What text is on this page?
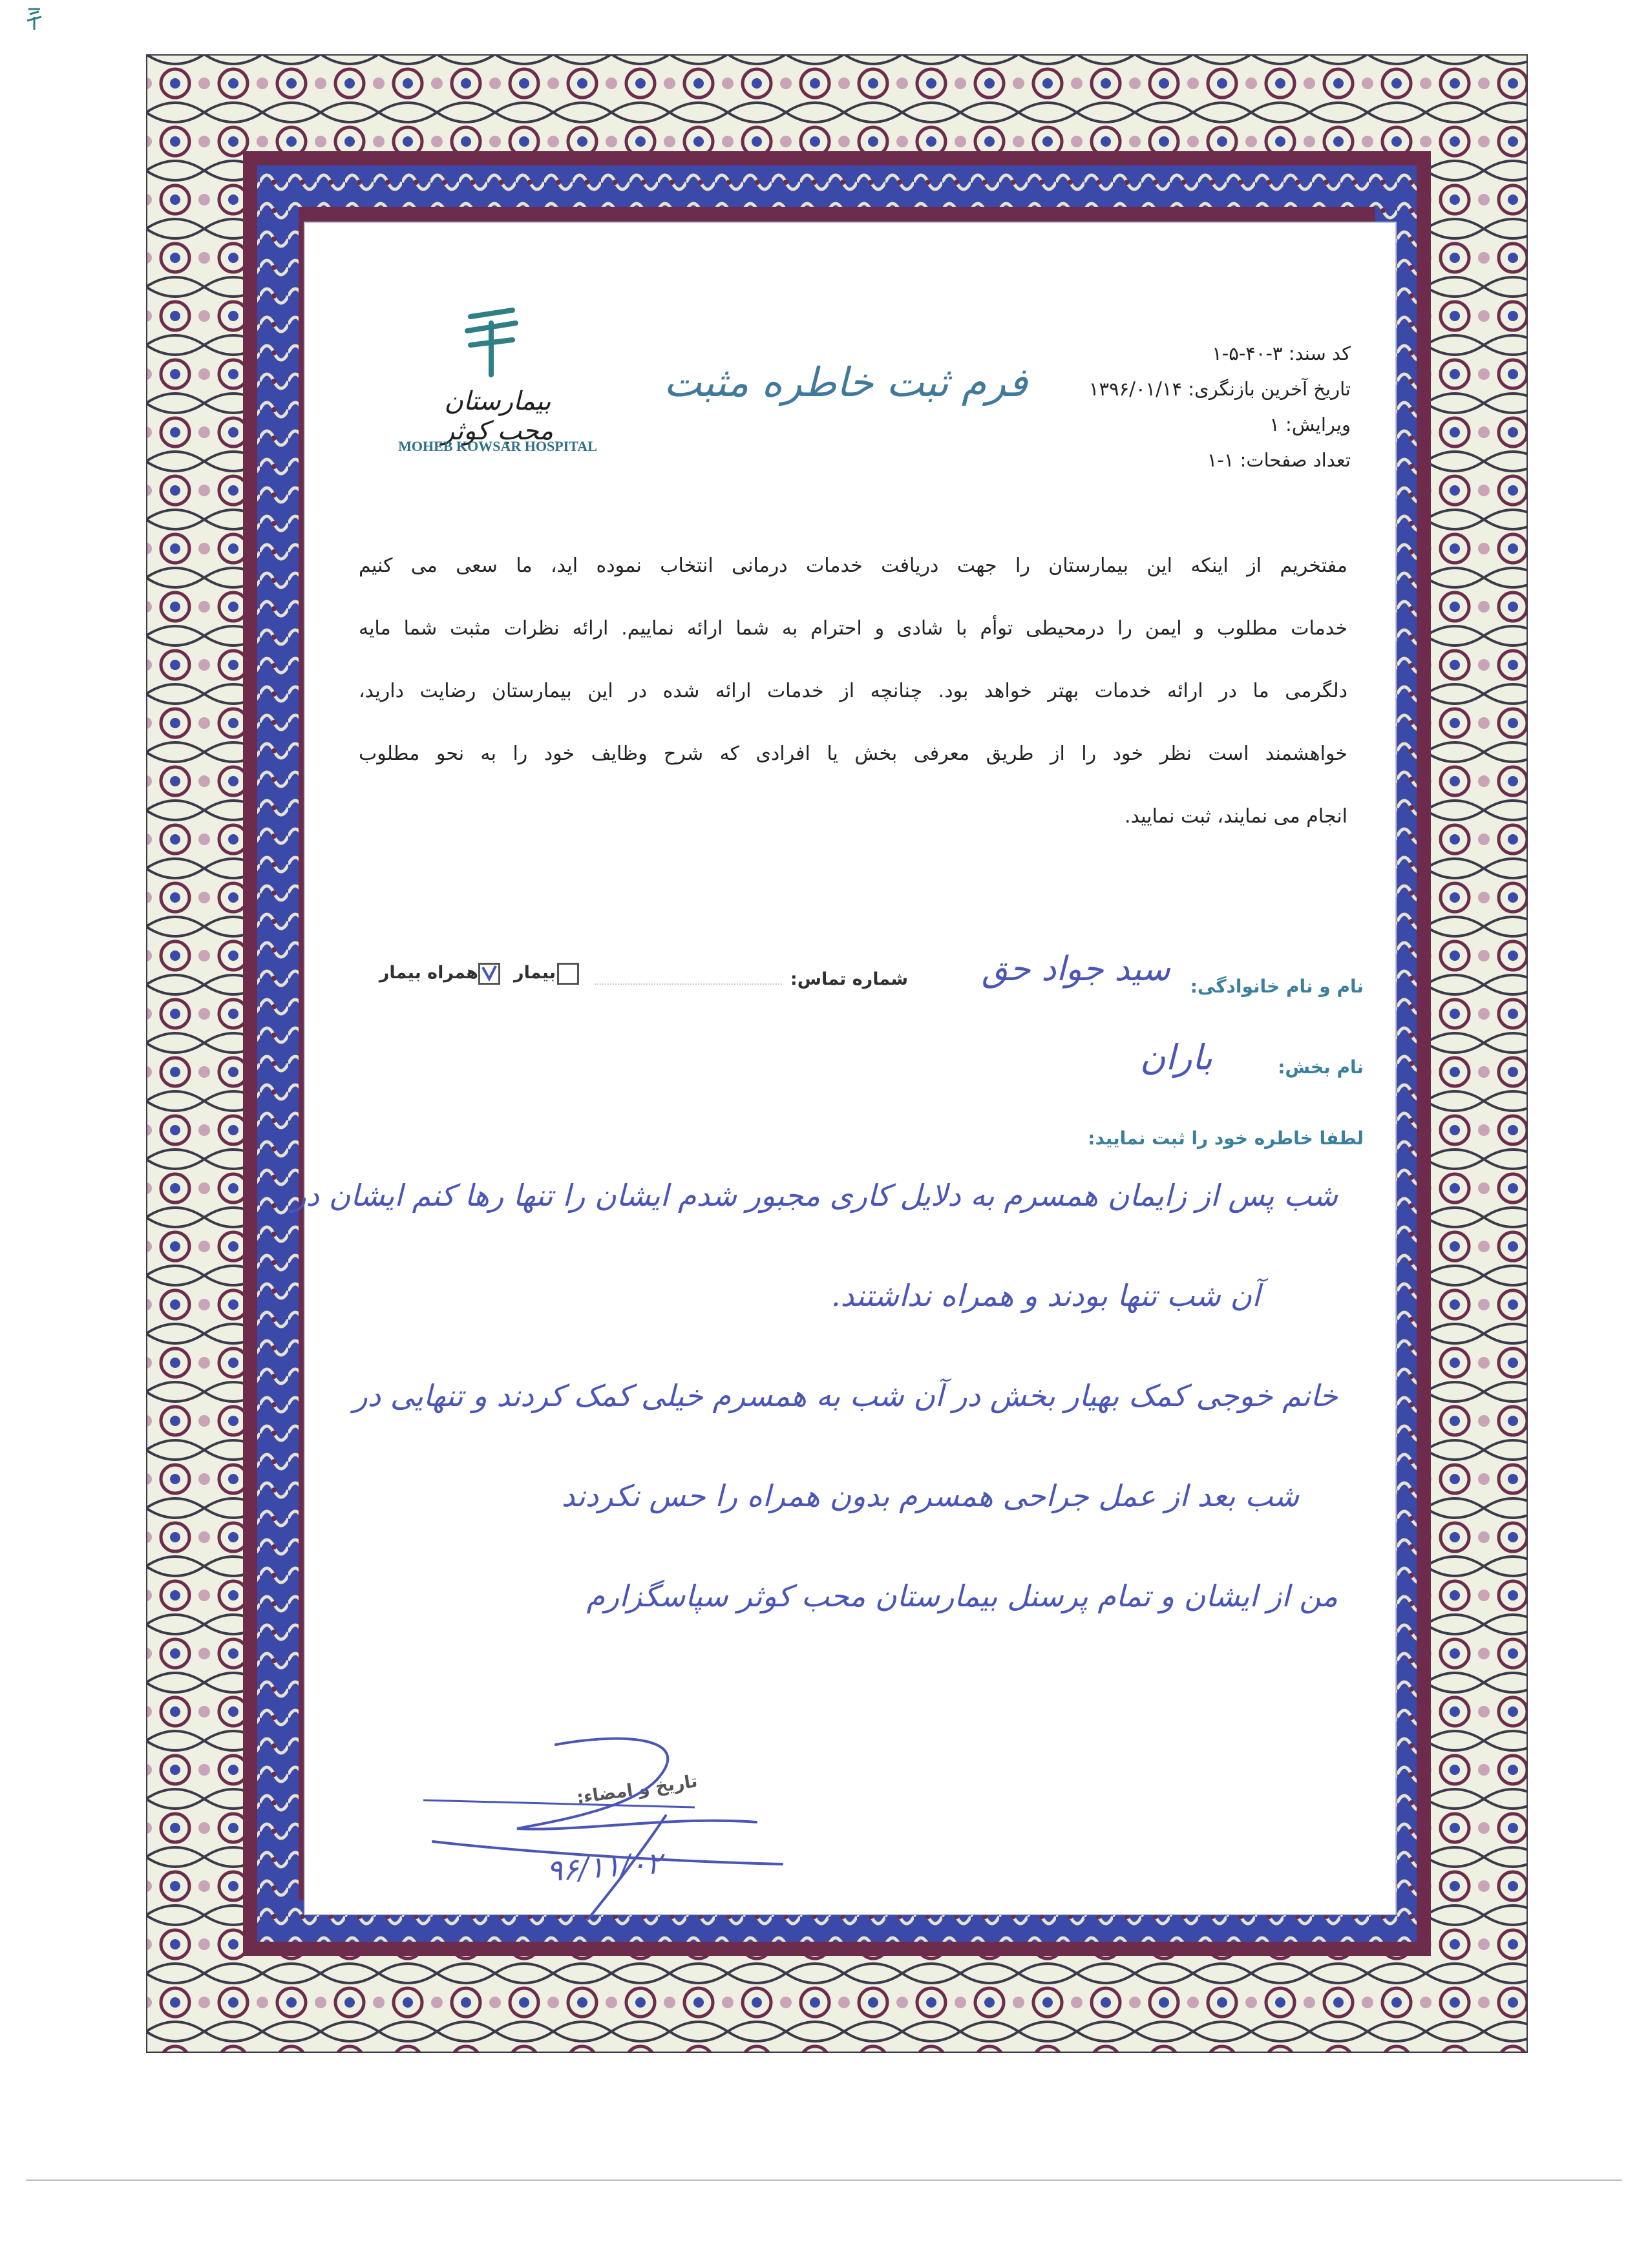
بیمارستان محب کوثر
MOHEB KOWSAR HOSPITAL
فرم ثبت خاطره مثبت
کد سند: ۳-۴۰-۵-۱
تاریخ آخرین بازنگری: ۱۳۹۶/۰۱/۱۴
ویرایش: ۱
تعداد صفحات: ۱-۱
مفتخریم از اینکه این بیمارستان را جهت دریافت خدمات درمانی انتخاب نموده اید، ما سعی می کنیم
خدمات مطلوب و ایمن را درمحیطی توأم با شادی و احترام به شما ارائه نماییم. ارائه نظرات مثبت شما مایه
دلگرمی ما در ارائه خدمات بهتر خواهد بود. چنانچه از خدمات ارائه شده در این بیمارستان رضایت دارید،
خواهشمند است نظر خود را از طریق معرفی بخش یا افرادی که شرح وظایف خود را به نحو مطلوب
انجام می نمایند، ثبت نمایید.
نام و نام خانوادگی:
سید جواد حق
شماره تماس:
همراه بیمار	بیمار
نام بخش:
باران
لطفا خاطره خود را ثبت نمایید:
شب پس از زایمان همسرم به دلایل کاری مجبور شدم ایشان را تنها رها کنم ایشان در
آن شب تنها بودند و همراه نداشتند.
خانم خوجی کمک بهیار بخش در آن شب به همسرم خیلی کمک کردند و تنهایی در
شب بعد از عمل جراحی همسرم بدون همراه را حس نکردند
من از ایشان و تمام پرسنل بیمارستان محب کوثر سپاسگزارم
تاریخ و امضاء:
۹۶/۱۱/۰۲
